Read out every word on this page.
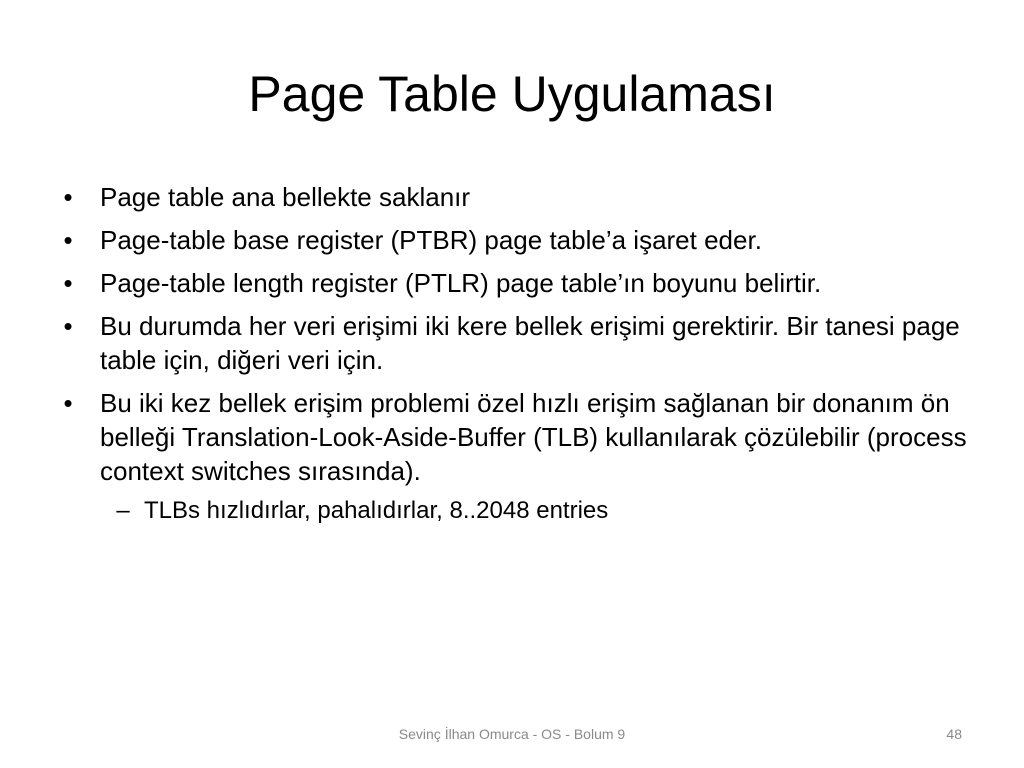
Page Table Uygulaması
• Page table ana bellekte saklanır
• Page-table base register (PTBR) page table’a işaret eder.
• Page-table length register (PTLR) page table’ın boyunu belirtir.
• Bu durumda her veri erişimi iki kere bellek erişimi gerektirir. Bir tanesi page table için, diğeri veri için.
• Bu iki kez bellek erişim problemi özel hızlı erişim sağlanan bir donanım ön belleği Translation-Look-Aside-Buffer (TLB) kullanılarak çözülebilir (process context switches sırasında).
– TLBs hızlıdırlar, pahalıdırlar, 8..2048 entries
Sevinç İlhan Omurca - OS - Bolum 9	48
